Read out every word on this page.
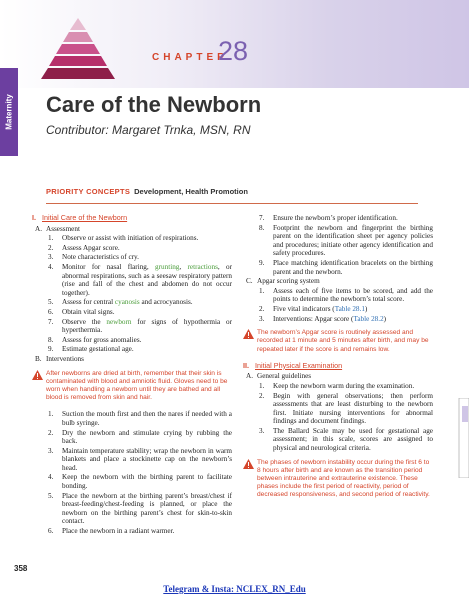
CHAPTER
28
Maternity Care of the Newborn
Contributor: Margaret Trnka, MSN, RN
PRIORITY CONCEPTS Development, Health Promotion
I. Initial Care of the Newborn
A. Assessment
1. Observe or assist with initiation of respirations.
2. Assess Apgar score.
3. Note characteristics of cry.
4. Monitor for nasal flaring, grunting, retractions, or abnormal respirations, such as a seesaw respiratory pattern (rise and fall of the chest and abdomen do not occur together).
5. Assess for central cyanosis and acrocyanosis.
6. Obtain vital signs.
7. Observe the newborn for signs of hypothermia or hyperthermia.
8. Assess for gross anomalies.
9. Estimate gestational age.
B. Interventions
After newborns are dried at birth, remember that their skin is contaminated with blood and amniotic fluid. Gloves need to be worn when handling a newborn until they are bathed and all blood is removed from skin and hair.
1. Suction the mouth first and then the nares if needed with a bulb syringe.
2. Dry the newborn and stimulate crying by rubbing the back.
3. Maintain temperature stability; wrap the newborn in warm blankets and place a stockinette cap on the newborn’s head.
4. Keep the newborn with the birthing parent to facilitate bonding.
5. Place the newborn at the birthing parent’s breast/chest if breast-feeding/chest-feeding is planned, or place the newborn on the birthing parent’s chest for skin-to-skin contact.
6. Place the newborn in a radiant warmer.
7. Ensure the newborn’s proper identification.
8. Footprint the newborn and fingerprint the birthing parent on the identification sheet per agency policies and procedures; initiate other agency identification and safety procedures.
9. Place matching identification bracelets on the birthing parent and the newborn.
C. Apgar scoring system
1. Assess each of five items to be scored, and add the points to determine the newborn’s total score.
2. Five vital indicators (Table 28.1)
3. Interventions: Apgar score (Table 28.2)
The newborn’s Apgar score is routinely assessed and recorded at 1 minute and 5 minutes after birth, and may be repeated later if the score is and remains low.
II. Initial Physical Examination
A. General guidelines
1. Keep the newborn warm during the examination.
2. Begin with general observations; then perform assessments that are least disturbing to the newborn first. Initiate nursing interventions for abnormal findings and document findings.
3. The Ballard Scale may be used for gestational age assessment; in this scale, scores are assigned to physical and neurological criteria.
The phases of newborn instability occur during the first 6 to 8 hours after birth and are known as the transition period between intrauterine and extrauterine existence. These phases include the first period of reactivity, period of decreased responsiveness, and second period of reactivity.
358
Telegram & Insta: NCLEX_RN_Edu
